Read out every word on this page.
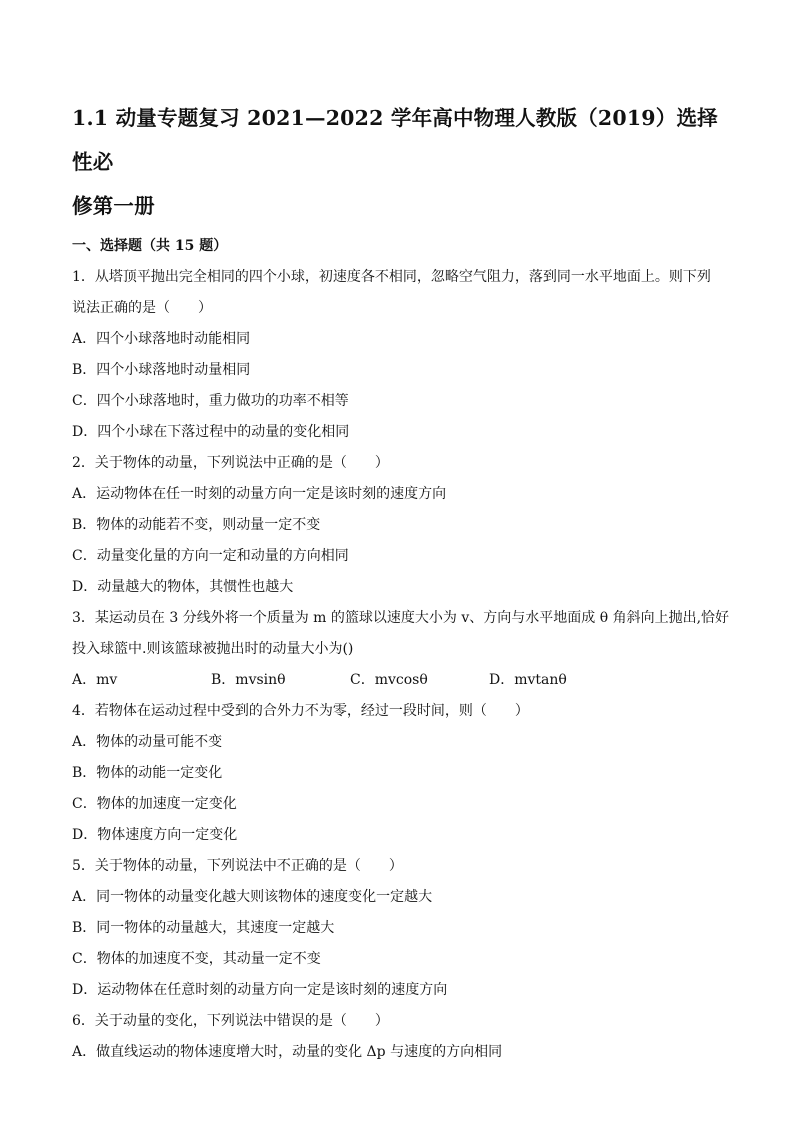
1.1 动量专题复习 2021—2022 学年高中物理人教版（2019）选择性必
修第一册
一、选择题（共 15 题）
1．从塔顶平抛出完全相同的四个小球，初速度各不相同，忽略空气阻力，落到同一水平地面上。则下列
说法正确的是（　　）
A．四个小球落地时动能相同
B．四个小球落地时动量相同
C．四个小球落地时，重力做功的功率不相等
D．四个小球在下落过程中的动量的变化相同
2．关于物体的动量，下列说法中正确的是（　　）
A．运动物体在任一时刻的动量方向一定是该时刻的速度方向
B．物体的动能若不变，则动量一定不变
C．动量变化量的方向一定和动量的方向相同
D．动量越大的物体，其惯性也越大
3．某运动员在 3 分线外将一个质量为 m 的篮球以速度大小为 v、方向与水平地面成 θ 角斜向上抛出,恰好
投入球篮中.则该篮球被抛出时的动量大小为()
A．mv	B．mvsinθ	C．mvcosθ	D．mvtanθ
4．若物体在运动过程中受到的合外力不为零，经过一段时间，则（　　）
A．物体的动量可能不变
B．物体的动能一定变化
C．物体的加速度一定变化
D．物体速度方向一定变化
5．关于物体的动量，下列说法中不正确的是（　　）
A．同一物体的动量变化越大则该物体的速度变化一定越大
B．同一物体的动量越大，其速度一定越大
C．物体的加速度不变，其动量一定不变
D．运动物体在任意时刻的动量方向一定是该时刻的速度方向
6．关于动量的变化，下列说法中错误的是（　　）
A．做直线运动的物体速度增大时，动量的变化 Δp 与速度的方向相同
